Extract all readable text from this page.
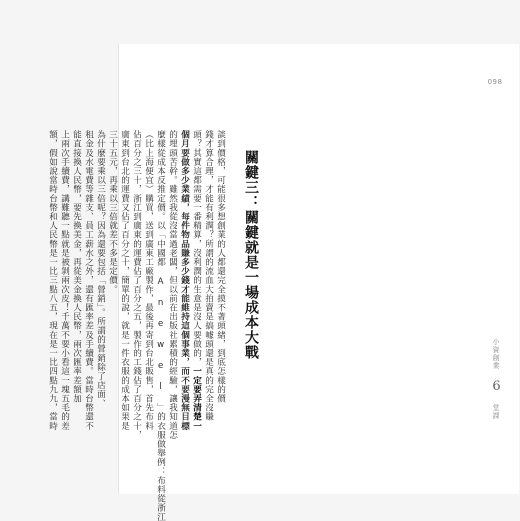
關鍵三：關鍵就是一場成本大戰
談到價格，可能很多想創業的人都還完全摸不著頭緒，到底怎樣的價
錢才算合理，才能有利潤？所謂的流血大拍賣是搞噱頭還是真的完全沒賺
頭？其實這都需要一番精算，沒利潤的生意是沒人要做的，一定要弄清楚一
個月要做多少業績，每件物品賺多少錢才能維持這個事業，而不要漫無目標
的埋頭苦幹。雖然我從沒當過老闆，但以前在出版社累積的經驗，讓我知道怎
麼樣從成本反推定價。以「中國都 A n e w e l 」的衣服做舉例：布料從浙江
（比上海便宜）購買，送到廣東工廠製作，最後再寄到台北販售，首先布料
佔百分之三十，浙江到廣東的運費佔了百分之五，製作的工錢佔了百分之十，
廣東到台北的運費又佔了百分之十，簡單的說，就是一件衣服的成本如果是
三十五元，再乘以三倍就差不多是定價。
為什麼要乘以三倍呢？因為還要包括「營銷」。所謂的營銷除了店面、
租金及水電費等雜支、員工薪水之外，還有匯率差及手續費。當時台幣還不
能直接換人民幣，要先換美金，再從美金換人民幣，兩次匯率差額加
上兩次手續費，講難聽一點就是被剝兩次皮！千萬不要小看這一塊五毛的差
額，假如說當時台幣和人民幣是一比三點八五，現在是一比四點九九，當時
098
小資創業 6 堂課
